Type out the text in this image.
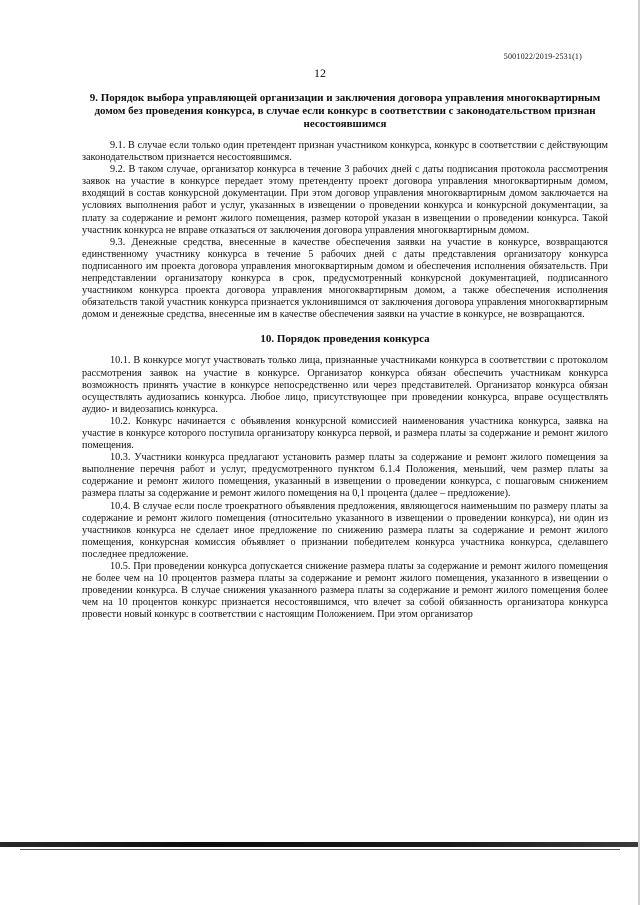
5001022/2019-2531(1)
12

9. Порядок выбора управляющей организации и заключения договора управления многоквартирным домом без проведения конкурса, в случае если конкурс в соответствии с законодательством признан несостоявшимся

9.1. В случае если только один претендент признан участником конкурса, конкурс в соответствии с действующим законодательством признается несостоявшимся.

9.2. В таком случае, организатор конкурса в течение 3 рабочих дней с даты подписания протокола рассмотрения заявок на участие в конкурсе передает этому претенденту проект договора управления многоквартирным домом, входящий в состав конкурсной документации. При этом договор управления многоквартирным домом заключается на условиях выполнения работ и услуг, указанных в извещении о проведении конкурса и конкурсной документации, за плату за содержание и ремонт жилого помещения, размер которой указан в извещении о проведении конкурса. Такой участник конкурса не вправе отказаться от заключения договора управления многоквартирным домом.

9.3. Денежные средства, внесенные в качестве обеспечения заявки на участие в конкурсе, возвращаются единственному участнику конкурса в течение 5 рабочих дней с даты представления организатору конкурса подписанного им проекта договора управления многоквартирным домом и обеспечения исполнения обязательств. При непредставлении организатору конкурса в срок, предусмотренный конкурсной документацией, подписанного участником конкурса проекта договора управления многоквартирным домом, а также обеспечения исполнения обязательств такой участник конкурса признается уклонившимся от заключения договора управления многоквартирным домом и денежные средства, внесенные им в качестве обеспечения заявки на участие в конкурсе, не возвращаются.

10. Порядок проведения конкурса

10.1. В конкурсе могут участвовать только лица, признанные участниками конкурса в соответствии с протоколом рассмотрения заявок на участие в конкурсе. Организатор конкурса обязан обеспечить участникам конкурса возможность принять участие в конкурсе непосредственно или через представителей. Организатор конкурса обязан осуществлять аудиозапись конкурса. Любое лицо, присутствующее при проведении конкурса, вправе осуществлять аудио- и видеозапись конкурса.

10.2. Конкурс начинается с объявления конкурсной комиссией наименования участника конкурса, заявка на участие в конкурсе которого поступила организатору конкурса первой, и размера платы за содержание и ремонт жилого помещения.

10.3. Участники конкурса предлагают установить размер платы за содержание и ремонт жилого помещения за выполнение перечня работ и услуг, предусмотренного пунктом 6.1.4 Положения, меньший, чем размер платы за содержание и ремонт жилого помещения, указанный в извещении о проведении конкурса, с пошаговым снижением размера платы за содержание и ремонт жилого помещения на 0,1 процента (далее – предложение).

10.4. В случае если после троекратного объявления предложения, являющегося наименьшим по размеру платы за содержание и ремонт жилого помещения (относительно указанного в извещении о проведении конкурса), ни один из участников конкурса не сделает иное предложение по снижению размера платы за содержание и ремонт жилого помещения, конкурсная комиссия объявляет о признании победителем конкурса участника конкурса, сделавшего последнее предложение.

10.5. При проведении конкурса допускается снижение размера платы за содержание и ремонт жилого помещения не более чем на 10 процентов размера платы за содержание и ремонт жилого помещения, указанного в извещении о проведении конкурса. В случае снижения указанного размера платы за содержание и ремонт жилого помещения более чем на 10 процентов конкурс признается несостоявшимся, что влечет за собой обязанность организатора конкурса провести новый конкурс в соответствии с настоящим Положением. При этом организатор
